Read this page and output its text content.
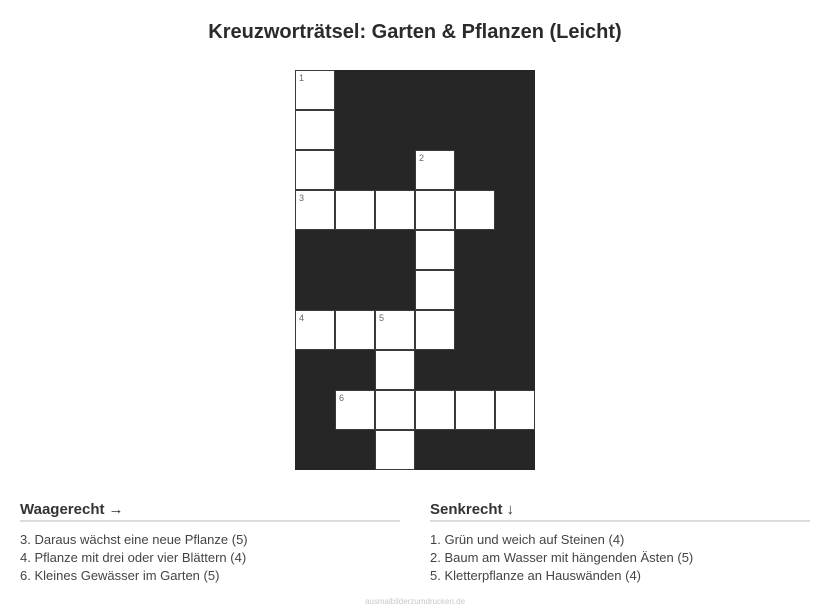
Kreuzworträtsel: Garten & Pflanzen (Leicht)
1
2
3
4	5
6
Waagerecht →
3. Daraus wächst eine neue Pflanze (5)
4. Pflanze mit drei oder vier Blättern (4)
6. Kleines Gewässer im Garten (5)
Senkrecht ↓
1. Grün und weich auf Steinen (4)
2. Baum am Wasser mit hängenden Ästen (5)
5. Kletterpflanze an Hauswänden (4)
ausmalbilderzumdrucken.de
